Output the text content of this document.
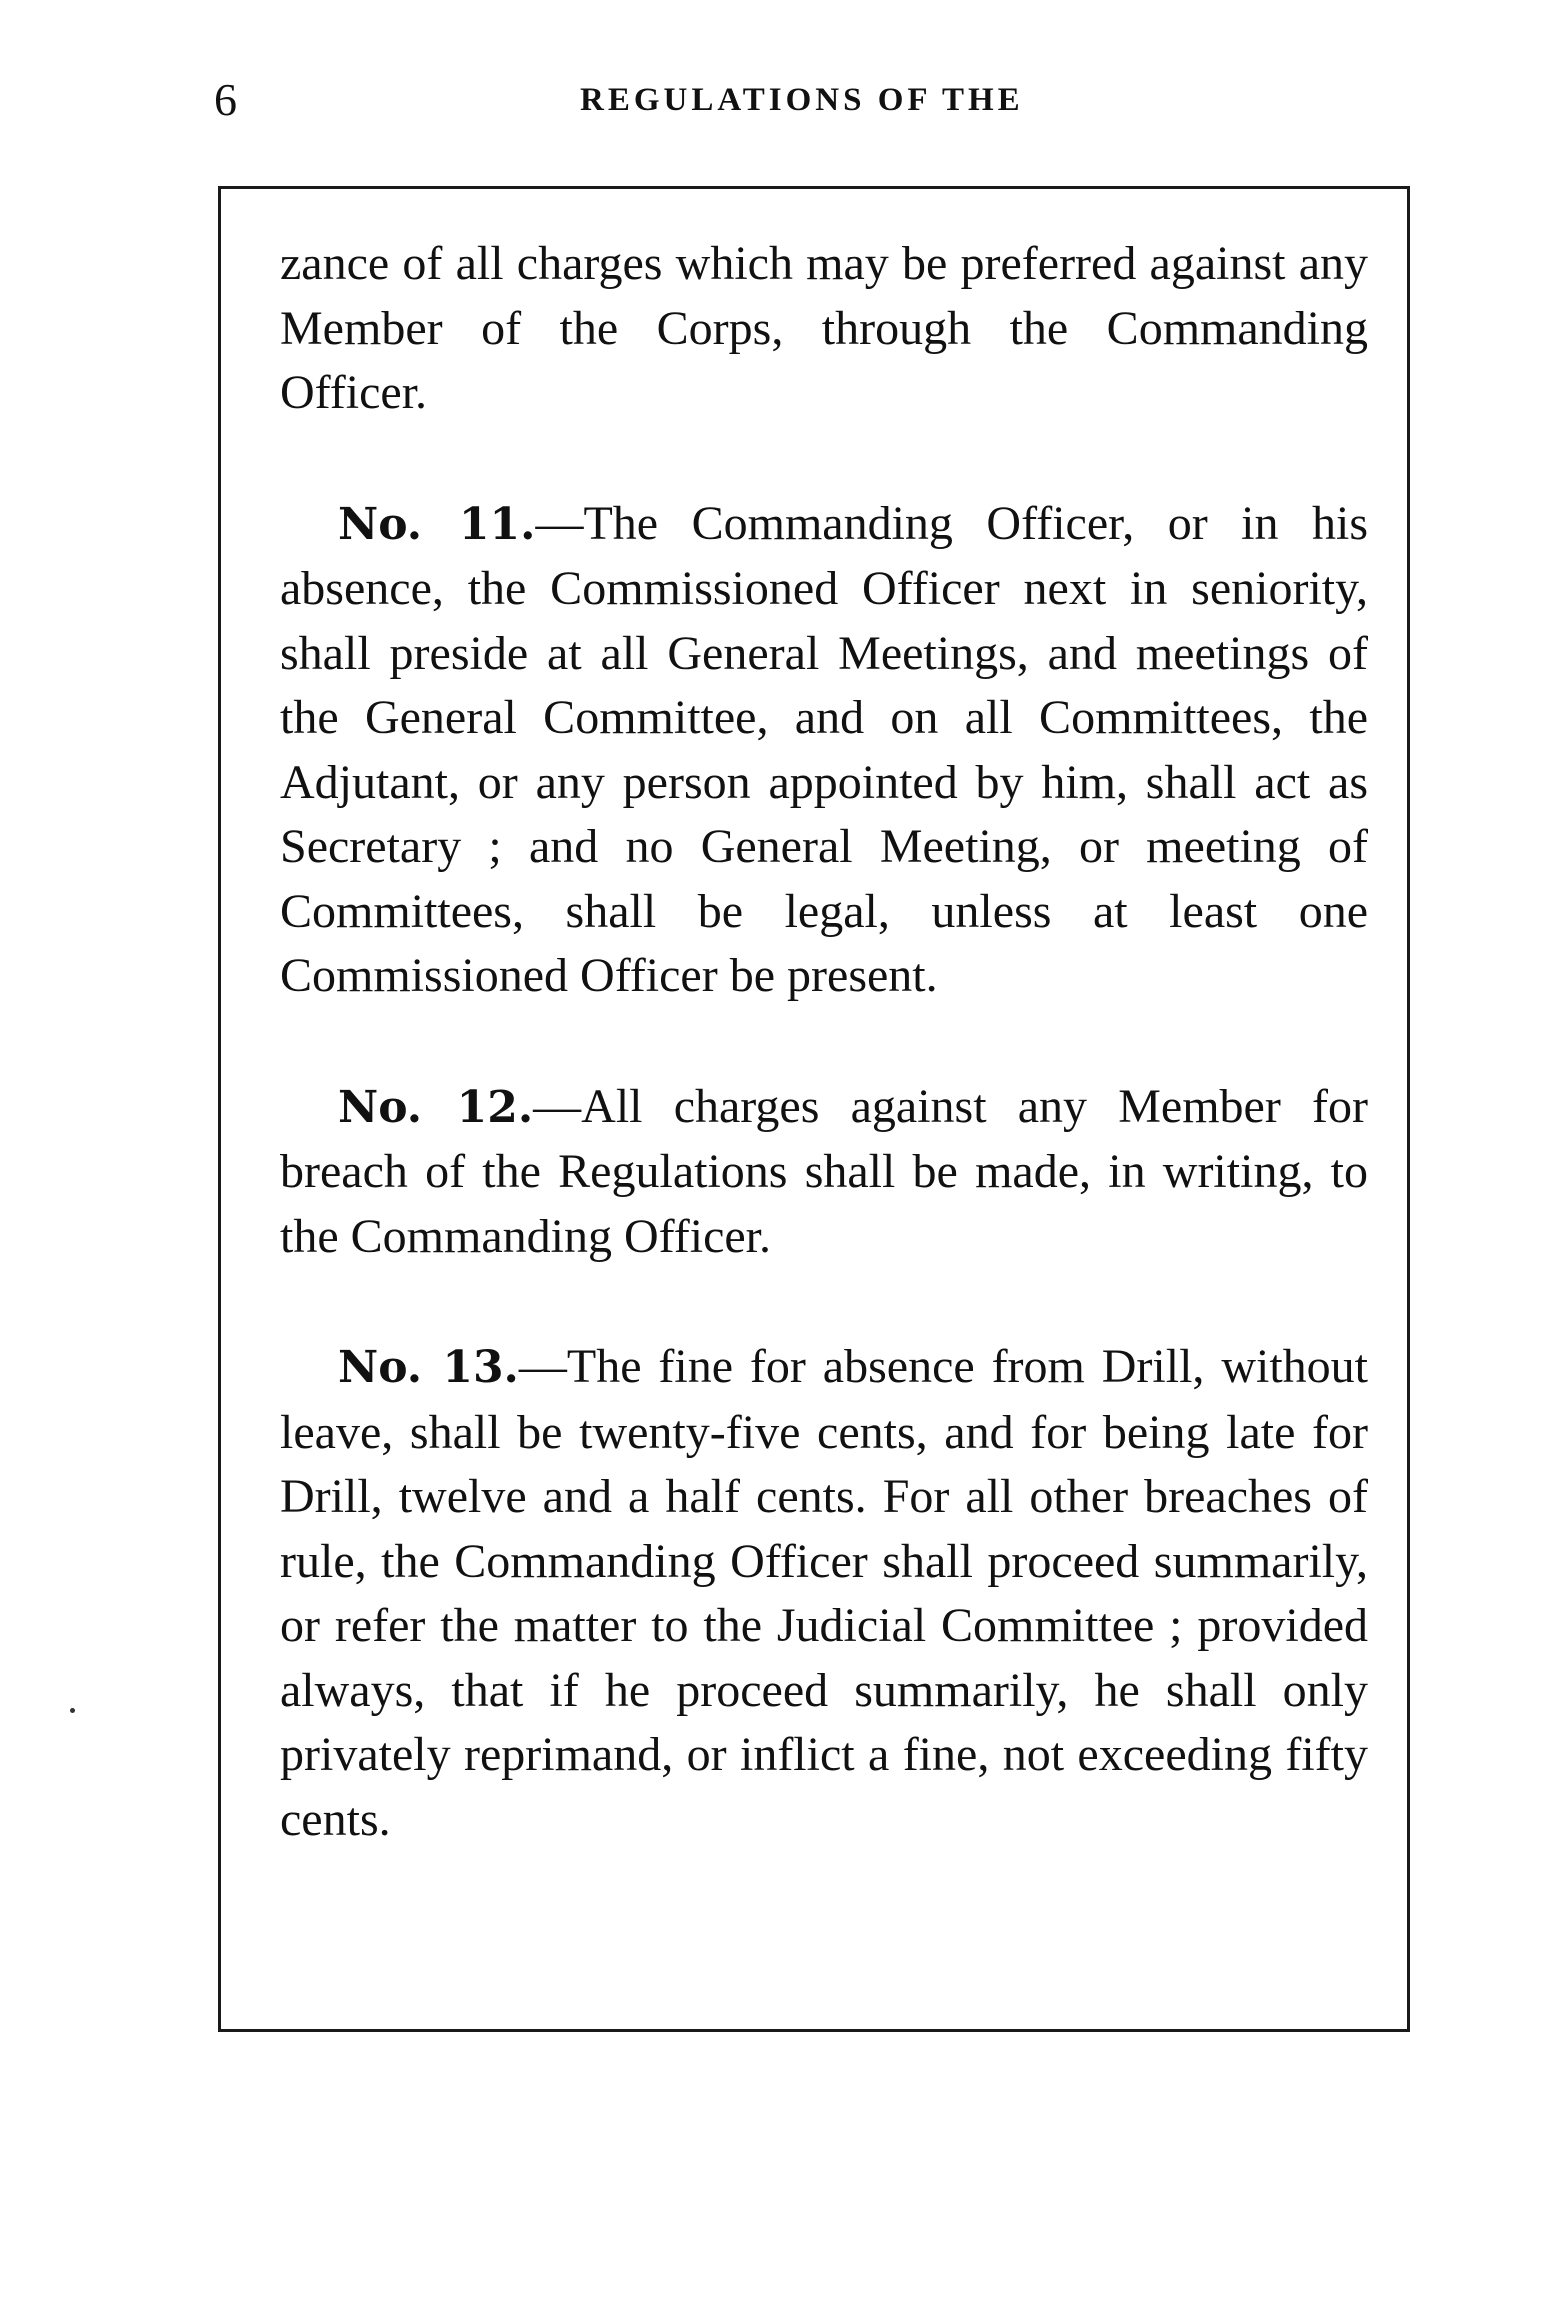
6	REGULATIONS OF THE

zance of all charges which may be preferred against any Member of the Corps, through the Commanding Officer.

No. 11.—The Commanding Officer, or in his absence, the Commissioned Officer next in seniority, shall preside at all General Meetings, and meetings of the General Committee, and on all Committees, the Adjutant, or any person appointed by him, shall act as Secretary ; and no General Meeting, or meeting of Committees, shall be legal, unless at least one Commissioned Officer be present.

No. 12.—All charges against any Member for breach of the Regulations shall be made, in writing, to the Commanding Officer.

No. 13.—The fine for absence from Drill, without leave, shall be twenty-five cents, and for being late for Drill, twelve and a half cents. For all other breaches of rule, the Commanding Officer shall proceed summarily, or refer the matter to the Judicial Committee ; provided always, that if he proceed summarily, he shall only privately reprimand, or inflict a fine, not exceeding fifty cents.
